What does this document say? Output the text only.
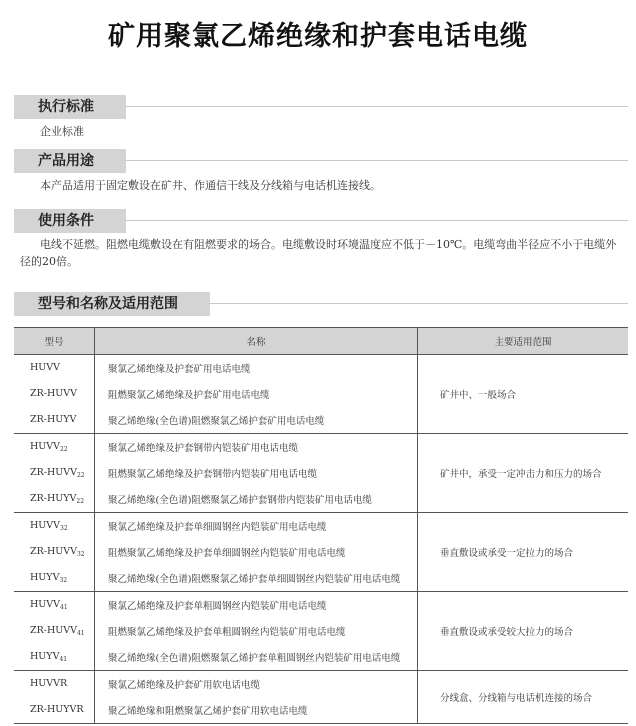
矿用聚氯乙烯绝缘和护套电话电缆
执行标准
企业标准
产品用途
本产品适用于固定敷设在矿井、作通信干线及分线箱与电话机连接线。
使用条件
电线不延燃。阻燃电缆敷设在有阻燃要求的场合。电缆敷设时环境温度应不低于－10℃。电缆弯曲半径应不小于电缆外径的20倍。
型号和名称及适用范围
型号	名称	主要适用范围
HUVV	聚氯乙烯绝缘及护套矿用电话电缆	矿井中、一般场合
ZR-HUVV	阻燃聚氯乙烯绝缘及护套矿用电话电缆	
ZR-HUYV	聚乙烯绝缘(全色谱)阻燃聚氯乙烯护套矿用电话电缆	
$HUVV_{22}$	聚氯乙烯绝缘及护套钢带内铠装矿用电话电缆	矿井中，承受一定冲击力和压力的场合
$ZR-HUVV_{22}$	阻燃聚氯乙烯绝缘及护套钢带内铠装矿用电话电缆	
$ZR-HUYV_{22}$	聚乙烯绝缘(全色谱)阻燃聚氯乙烯护套钢带内铠装矿用电话电缆	
$HUVV_{32}$	聚氯乙烯绝缘及护套单细圆钢丝内铠装矿用电话电缆	垂直敷设或承受一定拉力的场合
$ZR-HUVV_{32}$	阻燃聚氯乙烯绝缘及护套单细圆钢丝内铠装矿用电话电缆	
$HUYV_{32}$	聚乙烯绝缘(全色谱)阻燃聚氯乙烯护套单细圆钢丝内铠装矿用电话电缆	
$HUVV_{41}$	聚氯乙烯绝缘及护套单粗圆钢丝内铠装矿用电话电缆	垂直敷设或承受较大拉力的场合
$ZR-HUVV_{41}$	阻燃聚氯乙烯绝缘及护套单粗圆钢丝内铠装矿用电话电缆	
$HUYV_{41}$	聚乙烯绝缘(全色谱)阻燃聚氯乙烯护套单粗圆钢丝内铠装矿用电话电缆	
HUVVR	聚氯乙烯绝缘及护套矿用软电话电缆	分线盒、分线箱与电话机连接的场合
ZR-HUYVR	聚乙烯绝缘和阻燃聚氯乙烯护套矿用软电话电缆	
